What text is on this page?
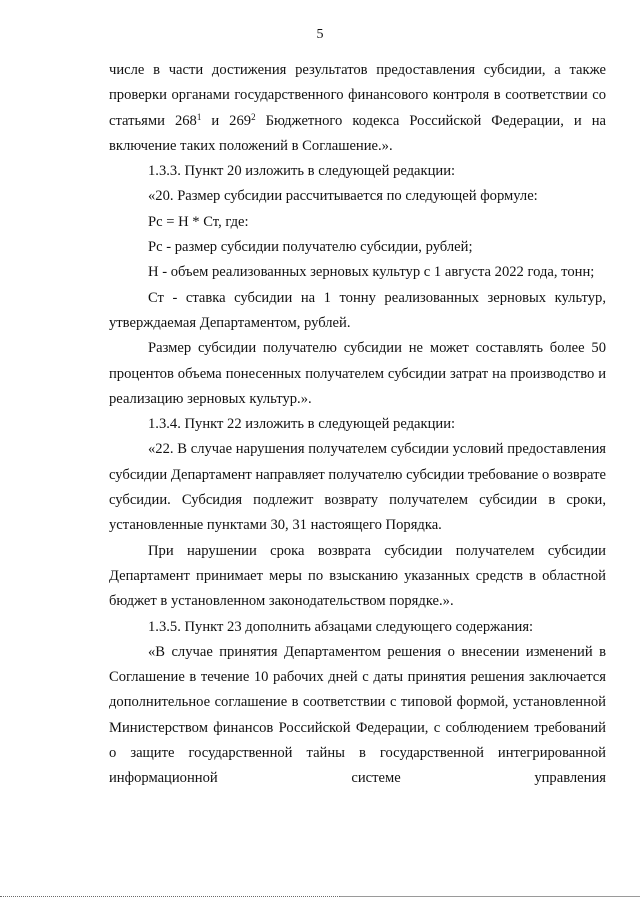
5

числе в части достижения результатов предоставления субсидии, а также проверки органами государственного финансового контроля в соответствии со статьями $268^1$ и $269^2$ Бюджетного кодекса Российской Федерации, и на включение таких положений в Соглашение.».

1.3.3. Пункт 20 изложить в следующей редакции:

«20. Размер субсидии рассчитывается по следующей формуле:

Рс = Н * Ст, где:

Рс - размер субсидии получателю субсидии, рублей;

Н - объем реализованных зерновых культур с 1 августа 2022 года, тонн;

Ст - ставка субсидии на 1 тонну реализованных зерновых культур, утверждаемая Департаментом, рублей.

Размер субсидии получателю субсидии не может составлять более 50 процентов объема понесенных получателем субсидии затрат на производство и реализацию зерновых культур.».

1.3.4. Пункт 22 изложить в следующей редакции:

«22. В случае нарушения получателем субсидии условий предоставления субсидии Департамент направляет получателю субсидии требование о возврате субсидии. Субсидия подлежит возврату получателем субсидии в сроки, установленные пунктами 30, 31 настоящего Порядка.

При нарушении срока возврата субсидии получателем субсидии Департамент принимает меры по взысканию указанных средств в областной бюджет в установленном законодательством порядке.».

1.3.5. Пункт 23 дополнить абзацами следующего содержания:

«В случае принятия Департаментом решения о внесении изменений в Соглашение в течение 10 рабочих дней с даты принятия решения заключается дополнительное соглашение в соответствии с типовой формой, установленной Министерством финансов Российской Федерации, с соблюдением требований о защите государственной тайны в государственной интегрированной информационной системе управления
